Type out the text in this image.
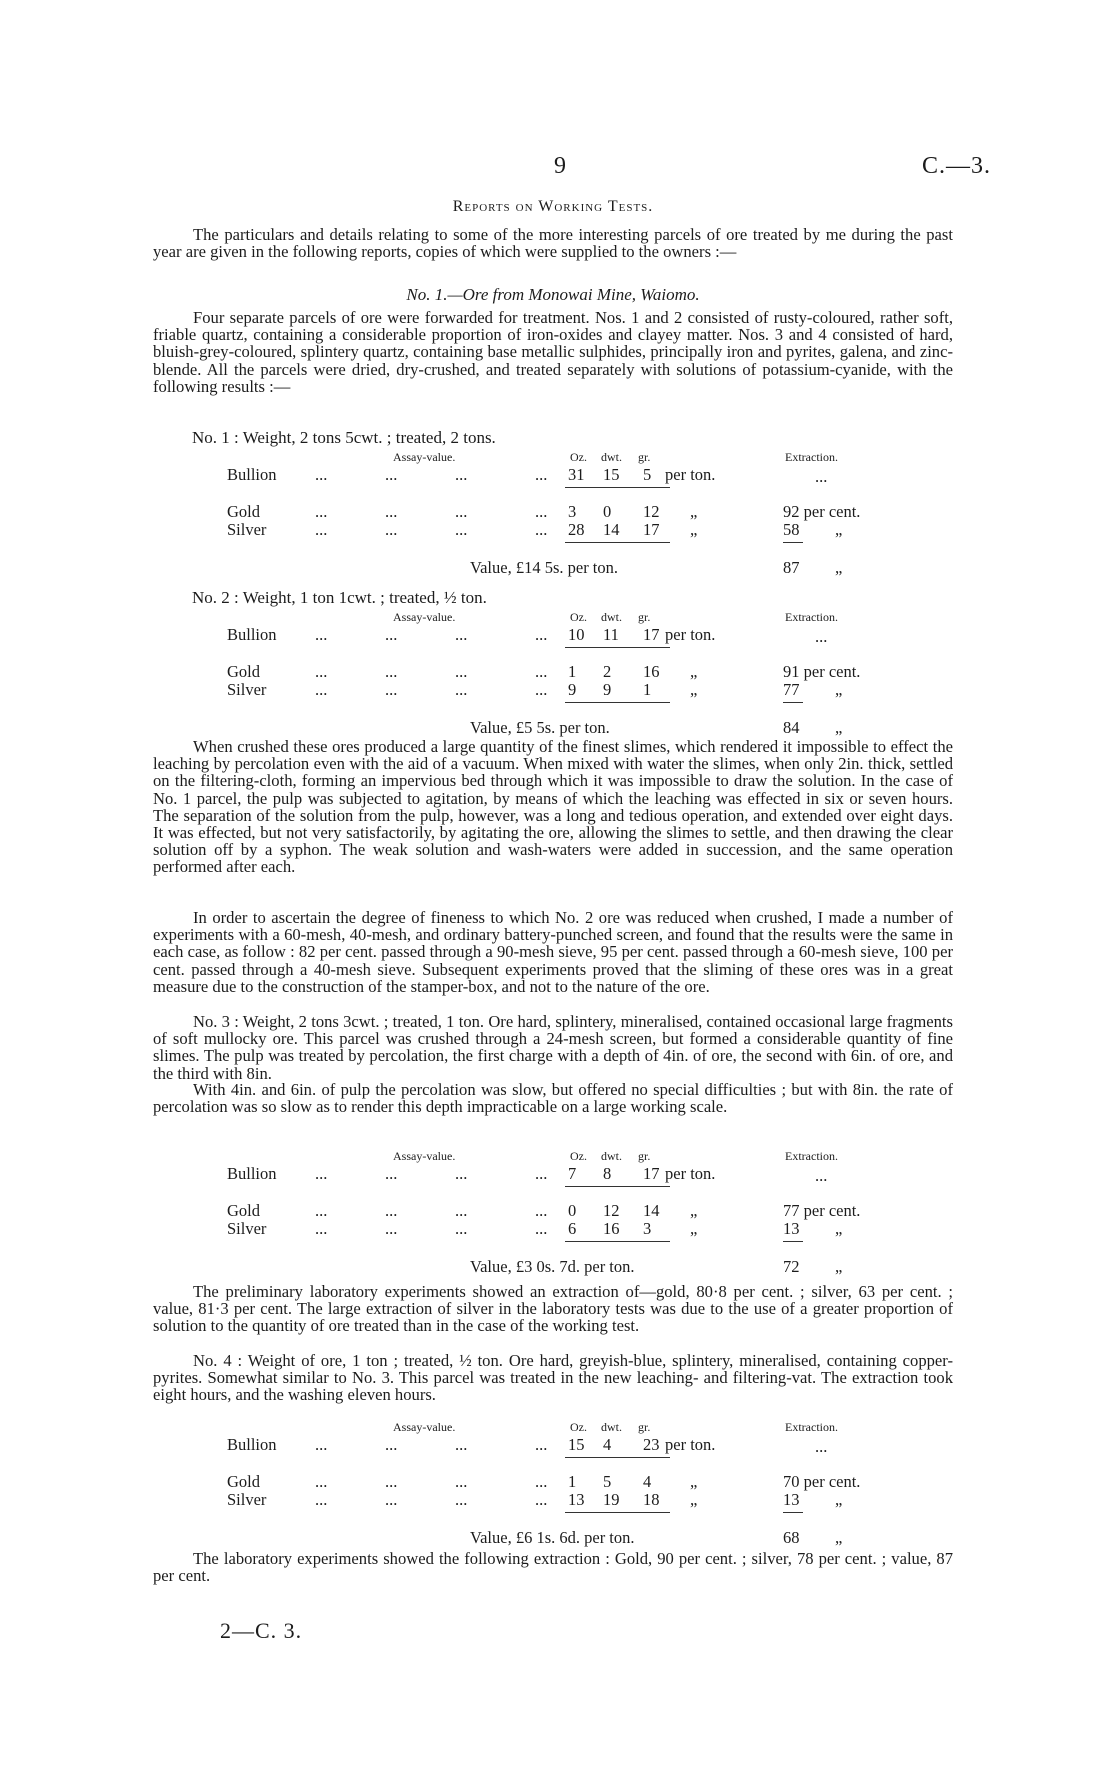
9	C.—3.
Reports on Working Tests.

The particulars and details relating to some of the more interesting parcels of ore treated by me during the past year are given in the following reports, copies of which were supplied to the owners :—

No. 1.—Ore from Monowai Mine, Waiomo.

Four separate parcels of ore were forwarded for treatment. Nos. 1 and 2 consisted of rusty-coloured, rather soft, friable quartz, containing a considerable proportion of iron-oxides and clayey matter. Nos. 3 and 4 consisted of hard, bluish-grey-coloured, splintery quartz, containing base metallic sulphides, principally iron and pyrites, galena, and zinc-blende. All the parcels were dried, dry-crushed, and treated separately with solutions of potassium-cyanide, with the following results :—

No. 1 : Weight, 2 tons 5cwt. ; treated, 2 tons.
Assay-value.	Oz. dwt. gr.	Extraction.
Bullion ...	...	...	... 31 15 5 per ton.	...
Gold	...	...	...	... 3 0 12 „	92 per cent.
Silver	...	...	...	... 28 14 17 „	58 „
Value, £14 5s. per ton.	87 „
No. 2 : Weight, 1 ton 1cwt. ; treated, ½ ton.
Assay-value.	Oz. dwt. gr.	Extraction.
Bullion ...	...	...	... 10 11 17 per ton.	...
Gold	...	...	...	... 1 2 16 „	91 per cent.
Silver	...	...	...	... 9 9 1 „	77 „
Value, £5 5s. per ton.	84 „

When crushed these ores produced a large quantity of the finest slimes, which rendered it impossible to effect the leaching by percolation even with the aid of a vacuum. When mixed with water the slimes, when only 2in. thick, settled on the filtering-cloth, forming an impervious bed through which it was impossible to draw the solution. In the case of No. 1 parcel, the pulp was subjected to agitation, by means of which the leaching was effected in six or seven hours. The separation of the solution from the pulp, however, was a long and tedious operation, and extended over eight days. It was effected, but not very satisfactorily, by agitating the ore, allowing the slimes to settle, and then drawing the clear solution off by a syphon. The weak solution and wash-waters were added in succession, and the same operation performed after each.

In order to ascertain the degree of fineness to which No. 2 ore was reduced when crushed, I made a number of experiments with a 60-mesh, 40-mesh, and ordinary battery-punched screen, and found that the results were the same in each case, as follow : 82 per cent. passed through a 90-mesh sieve, 95 per cent. passed through a 60-mesh sieve, 100 per cent. passed through a 40-mesh sieve. Subsequent experiments proved that the sliming of these ores was in a great measure due to the construction of the stamper-box, and not to the nature of the ore.

No. 3 : Weight, 2 tons 3cwt. ; treated, 1 ton. Ore hard, splintery, mineralised, contained occasional large fragments of soft mullocky ore. This parcel was crushed through a 24-mesh screen, but formed a considerable quantity of fine slimes. The pulp was treated by percolation, the first charge with a depth of 4in. of ore, the second with 6in. of ore, and the third with 8in.

With 4in. and 6in. of pulp the percolation was slow, but offered no special difficulties ; but with 8in. the rate of percolation was so slow as to render this depth impracticable on a large working scale.

Assay-value.	Oz. dwt. gr.	Extraction.
Bullion ...	...	...	... 7 8 17 per ton.	...
Gold	...	...	...	... 0 12 14 „	77 per cent.
Silver	...	...	...	... 6 16 3 „	13 „
Value, £3 0s. 7d. per ton.	72 „

The preliminary laboratory experiments showed an extraction of—gold, 80·8 per cent. ; silver, 63 per cent. ; value, 81·3 per cent. The large extraction of silver in the laboratory tests was due to the use of a greater proportion of solution to the quantity of ore treated than in the case of the working test.

No. 4 : Weight of ore, 1 ton ; treated, ½ ton. Ore hard, greyish-blue, splintery, mineralised, containing copper-pyrites. Somewhat similar to No. 3. This parcel was treated in the new leaching- and filtering-vat. The extraction took eight hours, and the washing eleven hours.

Assay-value.	Oz. dwt. gr.	Extraction.
Bullion ...	...	...	... 15 4 23 per ton.	...
Gold	...	...	...	... 1 5 4 „	70 per cent.
Silver	...	...	...	... 13 19 18 „	13 „
Value, £6 1s. 6d. per ton.	68 „

The laboratory experiments showed the following extraction : Gold, 90 per cent. ; silver, 78 per cent. ; value, 87 per cent.

2—C. 3.
